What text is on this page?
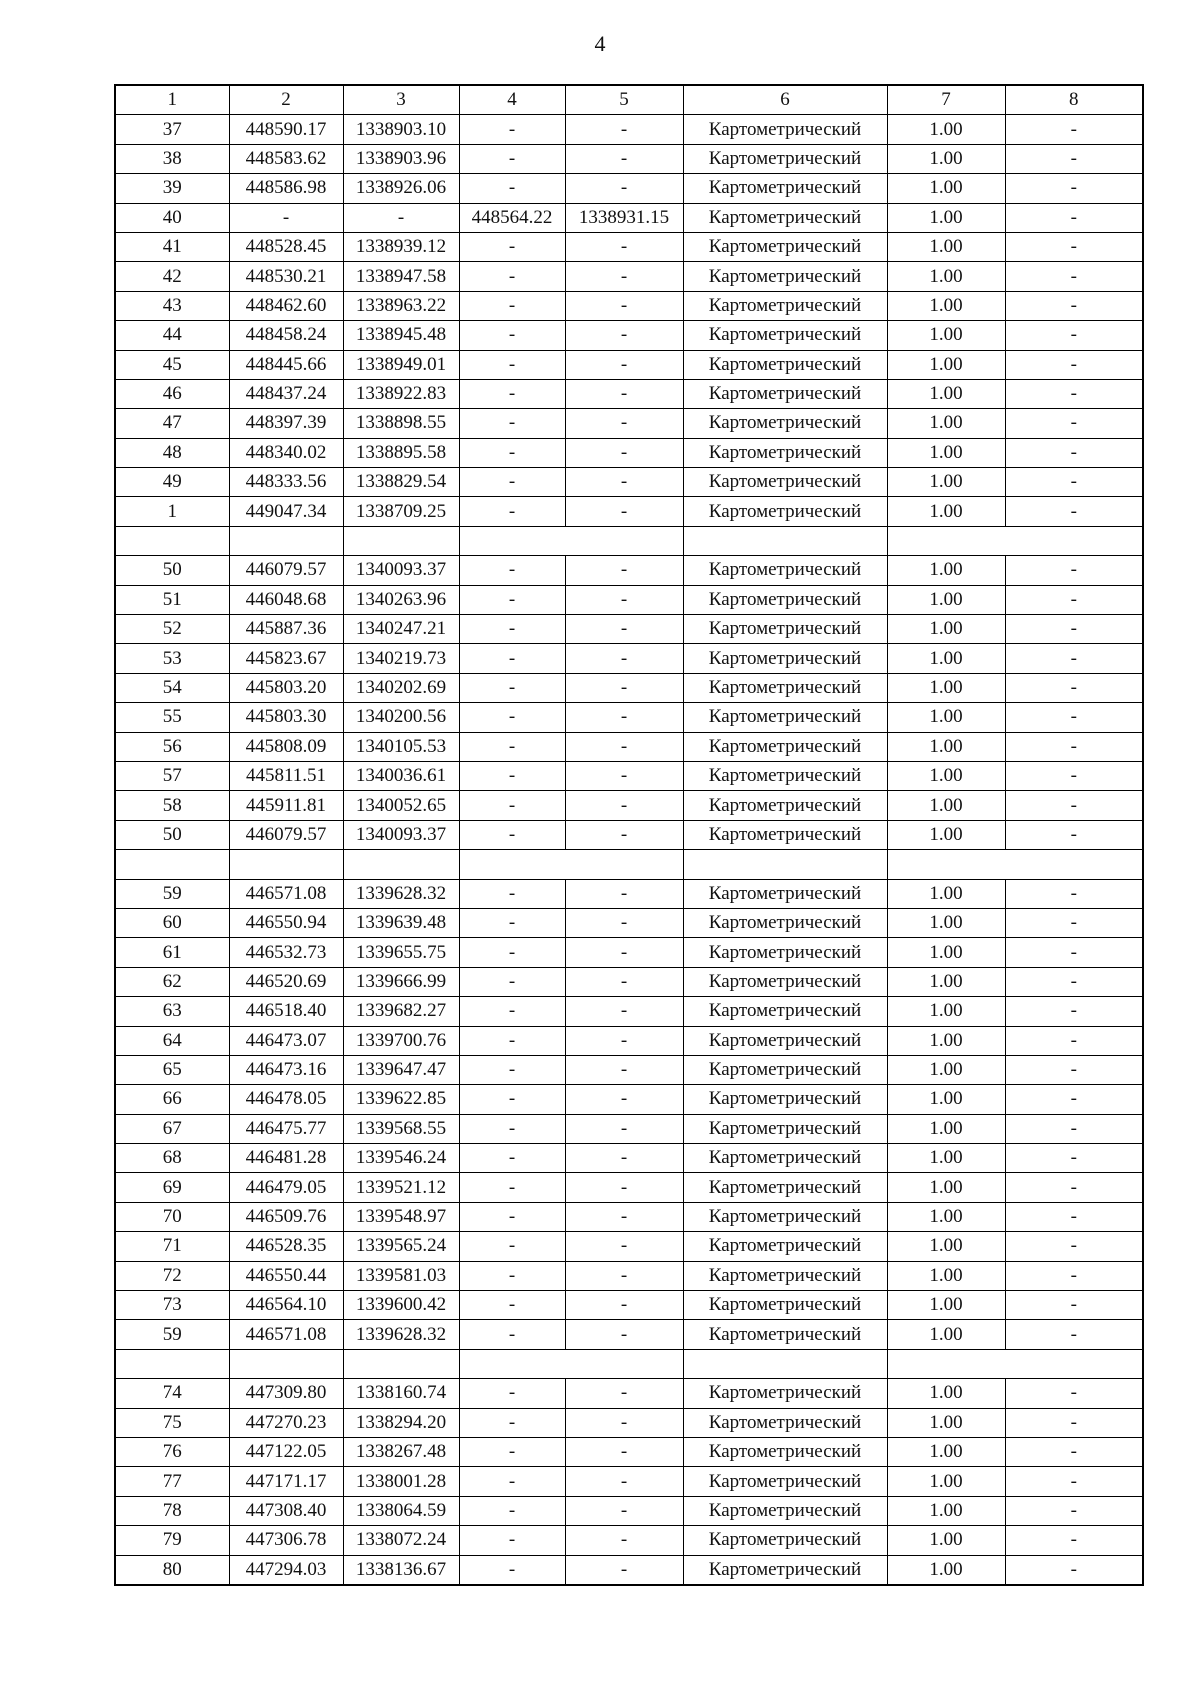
4
1	2	3	4	5	6	7	8
37	448590.17	1338903.10	-	-	Картометрический	1.00	-
38	448583.62	1338903.96	-	-	Картометрический	1.00	-
39	448586.98	1338926.06	-	-	Картометрический	1.00	-
40	-	-	448564.22	1338931.15	Картометрический	1.00	-
41	448528.45	1338939.12	-	-	Картометрический	1.00	-
42	448530.21	1338947.58	-	-	Картометрический	1.00	-
43	448462.60	1338963.22	-	-	Картометрический	1.00	-
44	448458.24	1338945.48	-	-	Картометрический	1.00	-
45	448445.66	1338949.01	-	-	Картометрический	1.00	-
46	448437.24	1338922.83	-	-	Картометрический	1.00	-
47	448397.39	1338898.55	-	-	Картометрический	1.00	-
48	448340.02	1338895.58	-	-	Картометрический	1.00	-
49	448333.56	1338829.54	-	-	Картометрический	1.00	-
1	449047.34	1338709.25	-	-	Картометрический	1.00	-

50	446079.57	1340093.37	-	-	Картометрический	1.00	-
51	446048.68	1340263.96	-	-	Картометрический	1.00	-
52	445887.36	1340247.21	-	-	Картометрический	1.00	-
53	445823.67	1340219.73	-	-	Картометрический	1.00	-
54	445803.20	1340202.69	-	-	Картометрический	1.00	-
55	445803.30	1340200.56	-	-	Картометрический	1.00	-
56	445808.09	1340105.53	-	-	Картометрический	1.00	-
57	445811.51	1340036.61	-	-	Картометрический	1.00	-
58	445911.81	1340052.65	-	-	Картометрический	1.00	-
50	446079.57	1340093.37	-	-	Картометрический	1.00	-

59	446571.08	1339628.32	-	-	Картометрический	1.00	-
60	446550.94	1339639.48	-	-	Картометрический	1.00	-
61	446532.73	1339655.75	-	-	Картометрический	1.00	-
62	446520.69	1339666.99	-	-	Картометрический	1.00	-
63	446518.40	1339682.27	-	-	Картометрический	1.00	-
64	446473.07	1339700.76	-	-	Картометрический	1.00	-
65	446473.16	1339647.47	-	-	Картометрический	1.00	-
66	446478.05	1339622.85	-	-	Картометрический	1.00	-
67	446475.77	1339568.55	-	-	Картометрический	1.00	-
68	446481.28	1339546.24	-	-	Картометрический	1.00	-
69	446479.05	1339521.12	-	-	Картометрический	1.00	-
70	446509.76	1339548.97	-	-	Картометрический	1.00	-
71	446528.35	1339565.24	-	-	Картометрический	1.00	-
72	446550.44	1339581.03	-	-	Картометрический	1.00	-
73	446564.10	1339600.42	-	-	Картометрический	1.00	-
59	446571.08	1339628.32	-	-	Картометрический	1.00	-

74	447309.80	1338160.74	-	-	Картометрический	1.00	-
75	447270.23	1338294.20	-	-	Картометрический	1.00	-
76	447122.05	1338267.48	-	-	Картометрический	1.00	-
77	447171.17	1338001.28	-	-	Картометрический	1.00	-
78	447308.40	1338064.59	-	-	Картометрический	1.00	-
79	447306.78	1338072.24	-	-	Картометрический	1.00	-
80	447294.03	1338136.67	-	-	Картометрический	1.00	-
